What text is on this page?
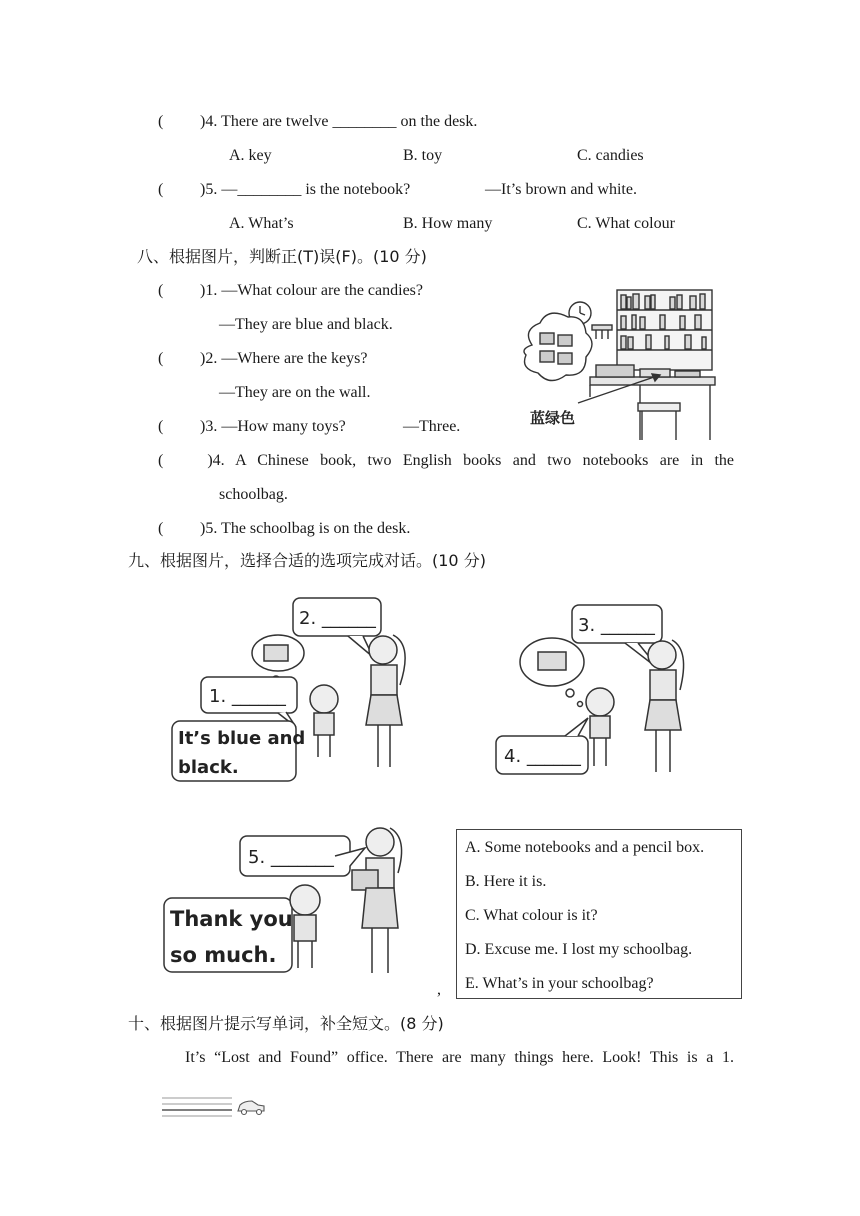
( )4. There are twelve ________ on the desk.
A. key	B. toy	C. candies
( )5. —________ is the notebook?	—It’s brown and white.
A. What’s	B. How many	C. What colour
八、根据图片，判断正(T)误(F)。(10 分)
( )1. —What colour are the candies?
—They are blue and black.
( )2. —Where are the keys?
—They are on the wall.
( )3. —How many toys?	—Three.
(	)4. A Chinese book, two English books and two notebooks are in the
schoolbag.
( )5. The schoolbag is on the desk.
蓝绿色
九、根据图片，选择合适的选项完成对话。(10 分)
2. ______
1. ______
It’s blue and
black.
3. ______
4. ______
5. _______
Thank you
so much.
,
A. Some notebooks and a pencil box.
B. Here it is.
C. What colour is it?
D. Excuse me. I lost my schoolbag.
E. What’s in your schoolbag?
十、根据图片提示写单词，补全短文。(8 分)
It’s “Lost and Found” office. There are many things here. Look! This is a 1.
